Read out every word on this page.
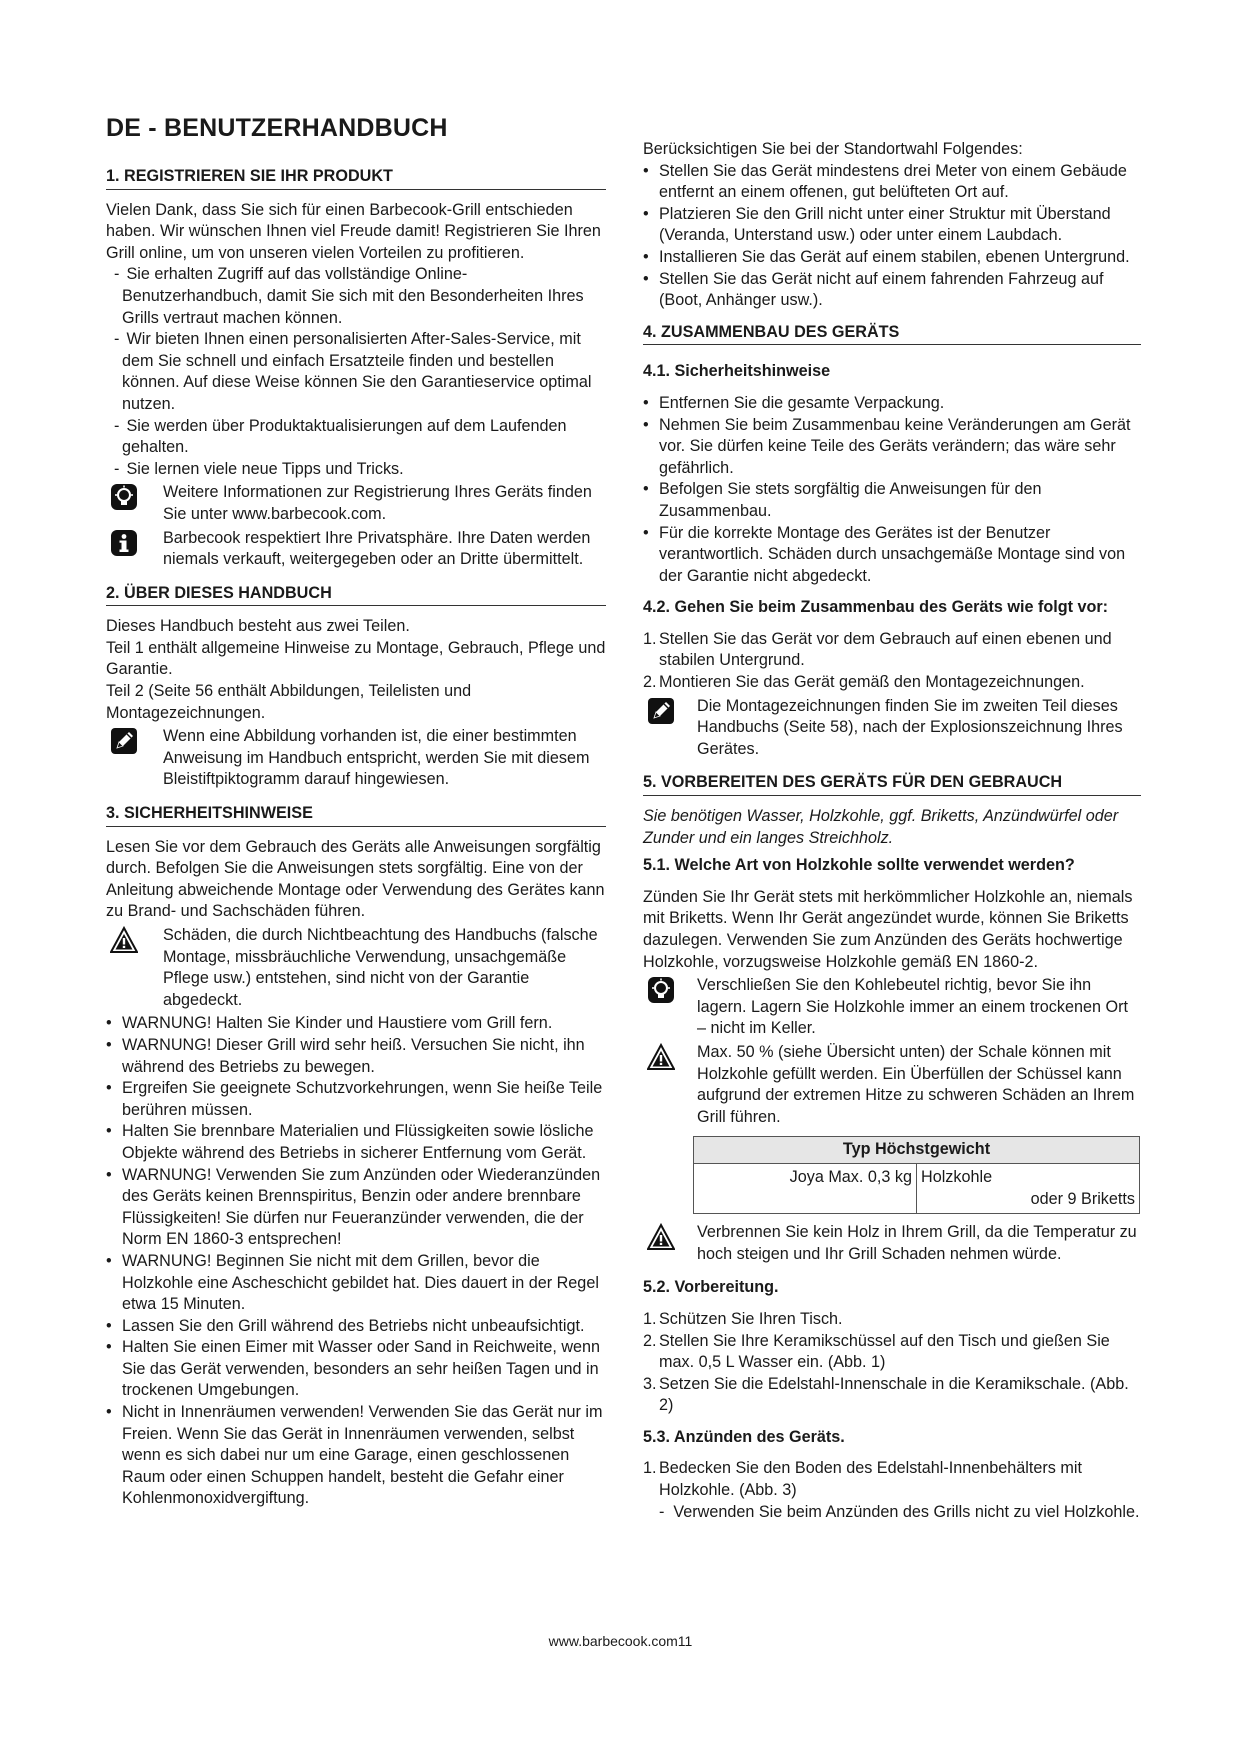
DE - BENUTZERHANDBUCH
1. REGISTRIEREN SIE IHR PRODUKT

Vielen Dank, dass Sie sich für einen Barbecook-Grill entschieden haben. Wir wünschen Ihnen viel Freude damit! Registrieren Sie Ihren Grill online, um von unseren vielen Vorteilen zu profitieren.

- Sie erhalten Zugriff auf das vollständige Online-Benutzerhandbuch, damit Sie sich mit den Besonderheiten Ihres Grills vertraut machen können.
- Wir bieten Ihnen einen personalisierten After-Sales-Service, mit dem Sie schnell und einfach Ersatzteile finden und bestellen können. Auf diese Weise können Sie den Garantieservice optimal nutzen.
- Sie werden über Produktaktualisierungen auf dem Laufenden gehalten.
- Sie lernen viele neue Tipps und Tricks.
Weitere Informationen zur Registrierung Ihres Geräts finden Sie unter www.barbecook.com.
Barbecook respektiert Ihre Privatsphäre. Ihre Daten werden niemals verkauft, weitergegeben oder an Dritte übermittelt.
2. ÜBER DIESES HANDBUCH

Dieses Handbuch besteht aus zwei Teilen.

Teil 1 enthält allgemeine Hinweise zu Montage, Gebrauch, Pflege und Garantie.

Teil 2 (Seite 56 enthält Abbildungen, Teilelisten und Montagezeichnungen.

Wenn eine Abbildung vorhanden ist, die einer bestimmten Anweisung im Handbuch entspricht, werden Sie mit diesem Bleistiftpiktogramm darauf hingewiesen.
3. SICHERHEITSHINWEISE

Lesen Sie vor dem Gebrauch des Geräts alle Anweisungen sorgfältig durch. Befolgen Sie die Anweisungen stets sorgfältig. Eine von der Anleitung abweichende Montage oder Verwendung des Gerätes kann zu Brand- und Sachschäden führen.

Schäden, die durch Nichtbeachtung des Handbuchs (falsche Montage, missbräuchliche Verwendung, unsachgemäße Pflege usw.) entstehen, sind nicht von der Garantie abgedeckt.
• WARNUNG! Halten Sie Kinder und Haustiere vom Grill fern.
• WARNUNG! Dieser Grill wird sehr heiß. Versuchen Sie nicht, ihn während des Betriebs zu bewegen.
• Ergreifen Sie geeignete Schutzvorkehrungen, wenn Sie heiße Teile berühren müssen.
• Halten Sie brennbare Materialien und Flüssigkeiten sowie lösliche Objekte während des Betriebs in sicherer Entfernung vom Gerät.
• WARNUNG! Verwenden Sie zum Anzünden oder Wiederanzünden des Geräts keinen Brennspiritus, Benzin oder andere brennbare Flüssigkeiten! Sie dürfen nur Feueranzünder verwenden, die der Norm EN 1860-3 entsprechen!
• WARNUNG! Beginnen Sie nicht mit dem Grillen, bevor die Holzkohle eine Ascheschicht gebildet hat. Dies dauert in der Regel etwa 15 Minuten.
• Lassen Sie den Grill während des Betriebs nicht unbeaufsichtigt.
• Halten Sie einen Eimer mit Wasser oder Sand in Reichweite, wenn Sie das Gerät verwenden, besonders an sehr heißen Tagen und in trockenen Umgebungen.
• Nicht in Innenräumen verwenden! Verwenden Sie das Gerät nur im Freien. Wenn Sie das Gerät in Innenräumen verwenden, selbst wenn es sich dabei nur um eine Garage, einen geschlossenen Raum oder einen Schuppen handelt, besteht die Gefahr einer Kohlenmonoxidvergiftung.

Berücksichtigen Sie bei der Standortwahl Folgendes:

• Stellen Sie das Gerät mindestens drei Meter von einem Gebäude entfernt an einem offenen, gut belüfteten Ort auf.
• Platzieren Sie den Grill nicht unter einer Struktur mit Überstand (Veranda, Unterstand usw.) oder unter einem Laubdach.
• Installieren Sie das Gerät auf einem stabilen, ebenen Untergrund.
• Stellen Sie das Gerät nicht auf einem fahrenden Fahrzeug auf (Boot, Anhänger usw.).
4. ZUSAMMENBAU DES GERÄTS
4.1. Sicherheitshinweise
• Entfernen Sie die gesamte Verpackung.
• Nehmen Sie beim Zusammenbau keine Veränderungen am Gerät vor. Sie dürfen keine Teile des Geräts verändern; das wäre sehr gefährlich.
• Befolgen Sie stets sorgfältig die Anweisungen für den Zusammenbau.
• Für die korrekte Montage des Gerätes ist der Benutzer verantwortlich. Schäden durch unsachgemäße Montage sind von der Garantie nicht abgedeckt.
4.2. Gehen Sie beim Zusammenbau des Geräts wie folgt vor:
1. Stellen Sie das Gerät vor dem Gebrauch auf einen ebenen und stabilen Untergrund.
2. Montieren Sie das Gerät gemäß den Montagezeichnungen.
Die Montagezeichnungen finden Sie im zweiten Teil dieses Handbuchs (Seite 58), nach der Explosionszeichnung Ihres Gerätes.
5. VORBEREITEN DES GERÄTS FÜR DEN GEBRAUCH

Sie benötigen Wasser, Holzkohle, ggf. Briketts, Anzündwürfel oder Zunder und ein langes Streichholz.

5.1. Welche Art von Holzkohle sollte verwendet werden?

Zünden Sie Ihr Gerät stets mit herkömmlicher Holzkohle an, niemals mit Briketts. Wenn Ihr Gerät angezündet wurde, können Sie Briketts dazulegen. Verwenden Sie zum Anzünden des Geräts hochwertige Holzkohle, vorzugsweise Holzkohle gemäß EN 1860-2.

Verschließen Sie den Kohlebeutel richtig, bevor Sie ihn lagern. Lagern Sie Holzkohle immer an einem trockenen Ort – nicht im Keller.
Max. 50 % (siehe Übersicht unten) der Schale können mit Holzkohle gefüllt werden. Ein Überfüllen der Schüssel kann aufgrund der extremen Hitze zu schweren Schäden an Ihrem Grill führen.
Typ Höchstgewicht
Joya Max. 0,3 kg	Holzkohle
oder 9 Briketts
Verbrennen Sie kein Holz in Ihrem Grill, da die Temperatur zu hoch steigen und Ihr Grill Schaden nehmen würde.
5.2. Vorbereitung.
1. Schützen Sie Ihren Tisch.
2. Stellen Sie Ihre Keramikschüssel auf den Tisch und gießen Sie max. 0,5 L Wasser ein. (Abb. 1)
3. Setzen Sie die Edelstahl-Innenschale in die Keramikschale. (Abb. 2)
5.3. Anzünden des Geräts.
1. Bedecken Sie den Boden des Edelstahl-Innenbehälters mit Holzkohle. (Abb. 3)
- Verwenden Sie beim Anzünden des Grills nicht zu viel Holzkohle.
www.barbecook.com11
